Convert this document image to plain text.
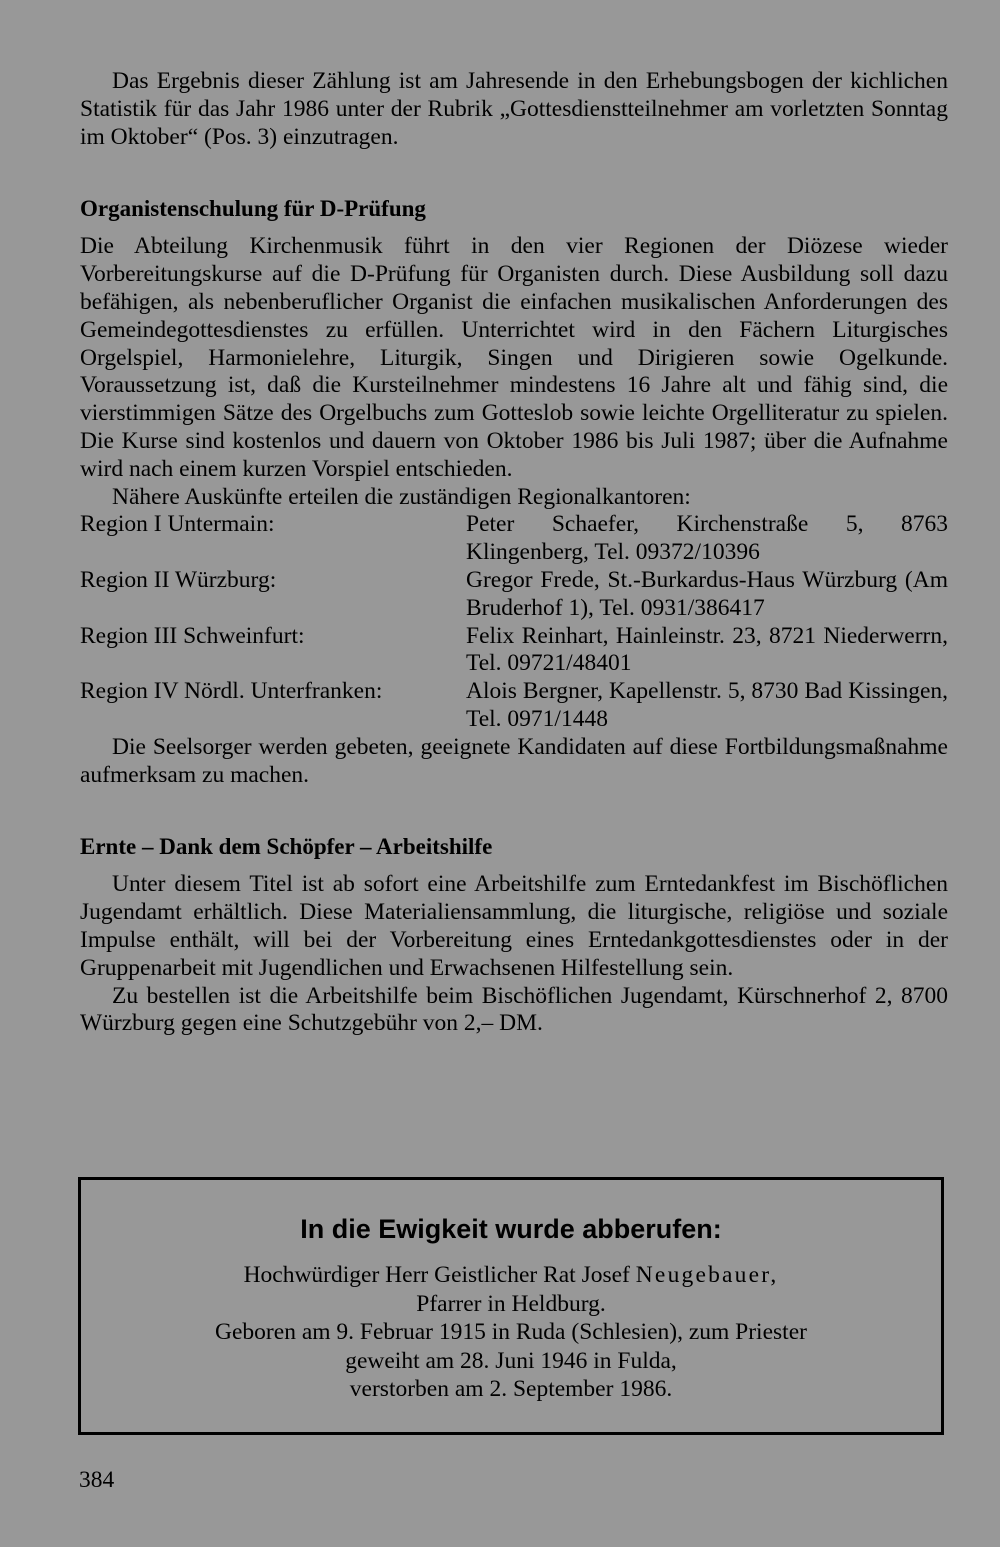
Das Ergebnis dieser Zählung ist am Jahresende in den Erhebungsbogen der kichlichen Statistik für das Jahr 1986 unter der Rubrik „Gottesdienstteilnehmer am vorletzten Sonntag im Oktober“ (Pos. 3) einzutragen.

Organistenschulung für D-Prüfung

Die Abteilung Kirchenmusik führt in den vier Regionen der Diözese wieder Vorbereitungskurse auf die D-Prüfung für Organisten durch. Diese Ausbildung soll dazu befähigen, als nebenberuflicher Organist die einfachen musikalischen Anforderungen des Gemeindegottesdienstes zu erfüllen. Unterrichtet wird in den Fächern Liturgisches Orgelspiel, Harmonielehre, Liturgik, Singen und Dirigieren sowie Ogelkunde. Voraussetzung ist, daß die Kursteilnehmer mindestens 16 Jahre alt und fähig sind, die vierstimmigen Sätze des Orgelbuchs zum Gotteslob sowie leichte Orgelliteratur zu spielen. Die Kurse sind kostenlos und dauern von Oktober 1986 bis Juli 1987; über die Aufnahme wird nach einem kurzen Vorspiel entschieden.

Nähere Auskünfte erteilen die zuständigen Regionalkantoren:

Region I Untermain:	Peter Schaefer, Kirchenstraße 5, 8763 Klingenberg, Tel. 09372/10396
Region II Würzburg:	Gregor Frede, St.-Burkardus-Haus Würzburg (Am Bruderhof 1), Tel. 0931/386417
Region III Schweinfurt:	Felix Reinhart, Hainleinstr. 23, 8721 Niederwerrn, Tel. 09721/48401
Region IV Nördl. Unterfranken:	Alois Bergner, Kapellenstr. 5, 8730 Bad Kissingen, Tel. 0971/1448

Die Seelsorger werden gebeten, geeignete Kandidaten auf diese Fortbildungsmaßnahme aufmerksam zu machen.

Ernte – Dank dem Schöpfer – Arbeitshilfe

Unter diesem Titel ist ab sofort eine Arbeitshilfe zum Erntedankfest im Bischöflichen Jugendamt erhältlich. Diese Materialiensammlung, die liturgische, religiöse und soziale Impulse enthält, will bei der Vorbereitung eines Erntedankgottesdienstes oder in der Gruppenarbeit mit Jugendlichen und Erwachsenen Hilfestellung sein.

Zu bestellen ist die Arbeitshilfe beim Bischöflichen Jugendamt, Kürschnerhof 2, 8700 Würzburg gegen eine Schutzgebühr von 2,– DM.

In die Ewigkeit wurde abberufen:
Hochwürdiger Herr Geistlicher Rat Josef Neugebauer,
Pfarrer in Heldburg.
Geboren am 9. Februar 1915 in Ruda (Schlesien), zum Priester
geweiht am 28. Juni 1946 in Fulda,
verstorben am 2. September 1986.
384
